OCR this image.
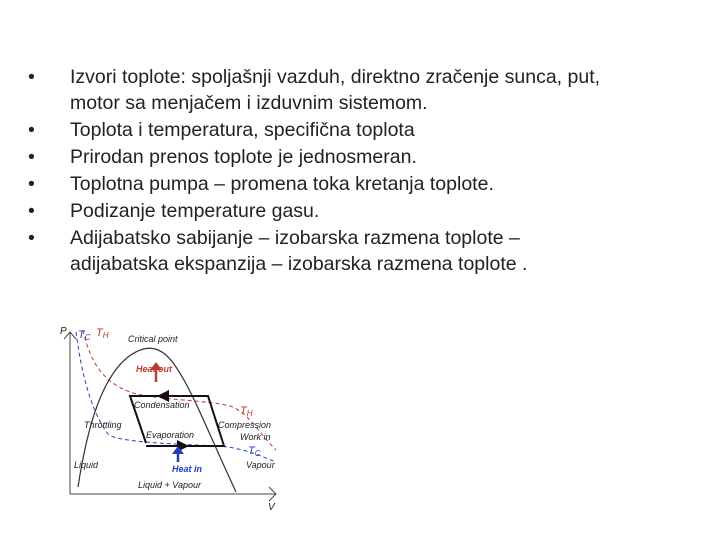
•	Izvori toplote: spoljašnji vazduh, direktno zračenje sunca, put,
motor sa menjačem i izduvnim sistemom.
•	Toplota i temperatura, specifična toplota
•	Prirodan prenos toplote je jednosmeran.
•	Toplotna pumpa – promena toka kretanja toplote.
•	Podizanje temperature gasu.
•	Adijabatsko sabijanje – izobarska razmena toplote –
adijabatska ekspanzija – izobarska razmena toplote .
P
V
TC TH Critical point
Heat out
Condensation	TH
Throttling	Compression
Evaporation	Work in
TC
Heat in
Liquid	Vapour
Liquid + Vapour
